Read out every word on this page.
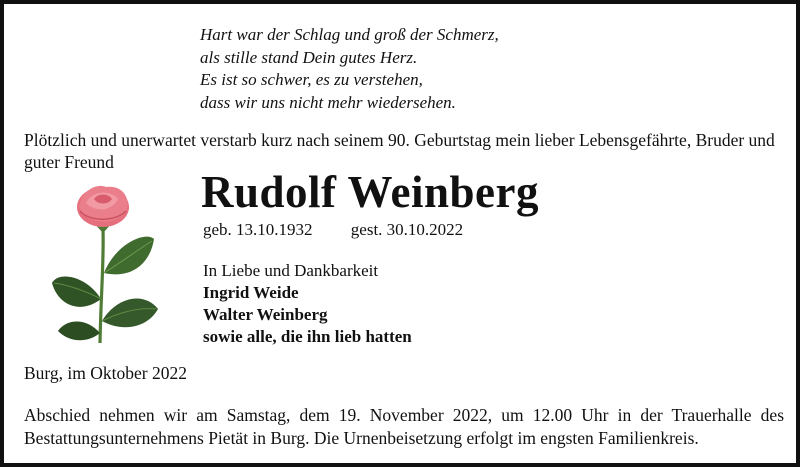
Hart war der Schlag und groß der Schmerz,
als stille stand Dein gutes Herz.
Es ist so schwer, es zu verstehen,
dass wir uns nicht mehr wiedersehen.
Plötzlich und unerwartet verstarb kurz nach seinem 90. Geburtstag mein lieber Lebensgefährte, Bruder und guter Freund
Rudolf Weinberg
geb. 13.10.1932 gest. 30.10.2022
In Liebe und Dankbarkeit
Ingrid Weide
Walter Weinberg
sowie alle, die ihn lieb hatten
Burg, im Oktober 2022
Abschied nehmen wir am Samstag, dem 19. November 2022, um 12.00 Uhr in der Trauerhalle des Bestattungsunternehmens Pietät in Burg. Die Urnenbeisetzung erfolgt im engsten Familienkreis.
